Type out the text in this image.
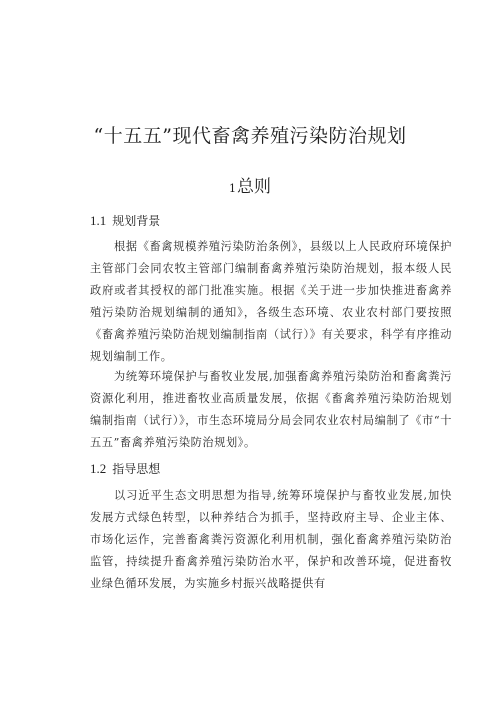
“十五五”现代畜禽养殖污染防治规划
1总则
1.1 规划背景

根据《畜禽规模养殖污染防治条例》，县级以上人民政府环境保护主管部门会同农牧主管部门编制畜禽养殖污染防治规划，报本级人民政府或者其授权的部门批准实施。根据《关于进一步加快推进畜禽养殖污染防治规划编制的通知》，各级生态环境、农业农村部门要按照《畜禽养殖污染防治规划编制指南（试行）》有关要求，科学有序推动规划编制工作。

为统筹环境保护与畜牧业发展,加强畜禽养殖污染防治和畜禽粪污资源化利用，推进畜牧业高质量发展，依据《畜禽养殖污染防治规划编制指南（试行）》，市生态环境局分局会同农业农村局编制了《市“十五五”畜禽养殖污染防治规划》。

1.2 指导思想

以习近平生态文明思想为指导,统筹环境保护与畜牧业发展,加快发展方式绿色转型，以种养结合为抓手，坚持政府主导、企业主体、市场化运作，完善畜禽粪污资源化利用机制，强化畜禽养殖污染防治监管，持续提升畜禽养殖污染防治水平，保护和改善环境，促进畜牧业绿色循环发展，为实施乡村振兴战略提供有
